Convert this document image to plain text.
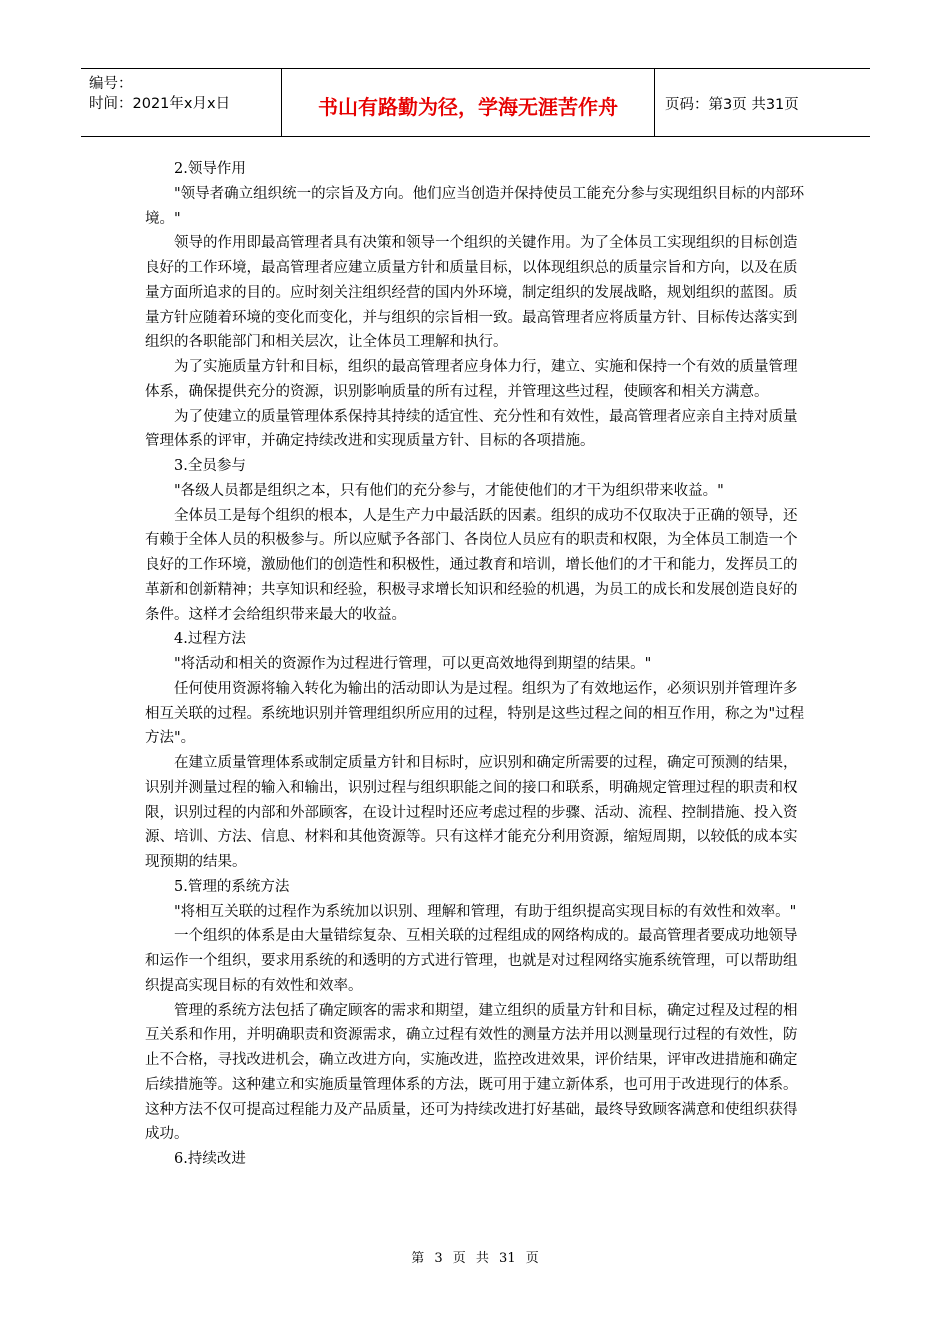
编号：
时间：2021年x月x日	书山有路勤为径，学海无涯苦作舟	页码：第3页 共31页

2.领导作用

"领导者确立组织统一的宗旨及方向。他们应当创造并保持使员工能充分参与实现组织目标的内部环境。"

领导的作用即最高管理者具有决策和领导一个组织的关键作用。为了全体员工实现组织的目标创造良好的工作环境，最高管理者应建立质量方针和质量目标，以体现组织总的质量宗旨和方向，以及在质量方面所追求的目的。应时刻关注组织经营的国内外环境，制定组织的发展战略，规划组织的蓝图。质量方针应随着环境的变化而变化，并与组织的宗旨相一致。最高管理者应将质量方针、目标传达落实到组织的各职能部门和相关层次，让全体员工理解和执行。

为了实施质量方针和目标，组织的最高管理者应身体力行，建立、实施和保持一个有效的质量管理体系，确保提供充分的资源，识别影响质量的所有过程，并管理这些过程，使顾客和相关方满意。

为了使建立的质量管理体系保持其持续的适宜性、充分性和有效性，最高管理者应亲自主持对质量管理体系的评审，并确定持续改进和实现质量方针、目标的各项措施。

3.全员参与

"各级人员都是组织之本，只有他们的充分参与，才能使他们的才干为组织带来收益。"

全体员工是每个组织的根本，人是生产力中最活跃的因素。组织的成功不仅取决于正确的领导，还有赖于全体人员的积极参与。所以应赋予各部门、各岗位人员应有的职责和权限，为全体员工制造一个良好的工作环境，激励他们的创造性和积极性，通过教育和培训，增长他们的才干和能力，发挥员工的革新和创新精神；共享知识和经验，积极寻求增长知识和经验的机遇，为员工的成长和发展创造良好的条件。这样才会给组织带来最大的收益。

4.过程方法

"将活动和相关的资源作为过程进行管理，可以更高效地得到期望的结果。"

任何使用资源将输入转化为输出的活动即认为是过程。组织为了有效地运作，必须识别并管理许多相互关联的过程。系统地识别并管理组织所应用的过程，特别是这些过程之间的相互作用，称之为"过程方法"。

在建立质量管理体系或制定质量方针和目标时，应识别和确定所需要的过程，确定可预测的结果，识别并测量过程的输入和输出，识别过程与组织职能之间的接口和联系，明确规定管理过程的职责和权限，识别过程的内部和外部顾客，在设计过程时还应考虑过程的步骤、活动、流程、控制措施、投入资源、培训、方法、信息、材料和其他资源等。只有这样才能充分利用资源，缩短周期，以较低的成本实现预期的结果。

5.管理的系统方法

"将相互关联的过程作为系统加以识别、理解和管理，有助于组织提高实现目标的有效性和效率。"

一个组织的体系是由大量错综复杂、互相关联的过程组成的网络构成的。最高管理者要成功地领导和运作一个组织，要求用系统的和透明的方式进行管理，也就是对过程网络实施系统管理，可以帮助组织提高实现目标的有效性和效率。

管理的系统方法包括了确定顾客的需求和期望，建立组织的质量方针和目标，确定过程及过程的相互关系和作用，并明确职责和资源需求，确立过程有效性的测量方法并用以测量现行过程的有效性，防止不合格，寻找改进机会，确立改进方向，实施改进，监控改进效果，评价结果，评审改进措施和确定后续措施等。这种建立和实施质量管理体系的方法，既可用于建立新体系，也可用于改进现行的体系。这种方法不仅可提高过程能力及产品质量，还可为持续改进打好基础，最终导致顾客满意和使组织获得成功。

6.持续改进

第 3 页 共 31 页
